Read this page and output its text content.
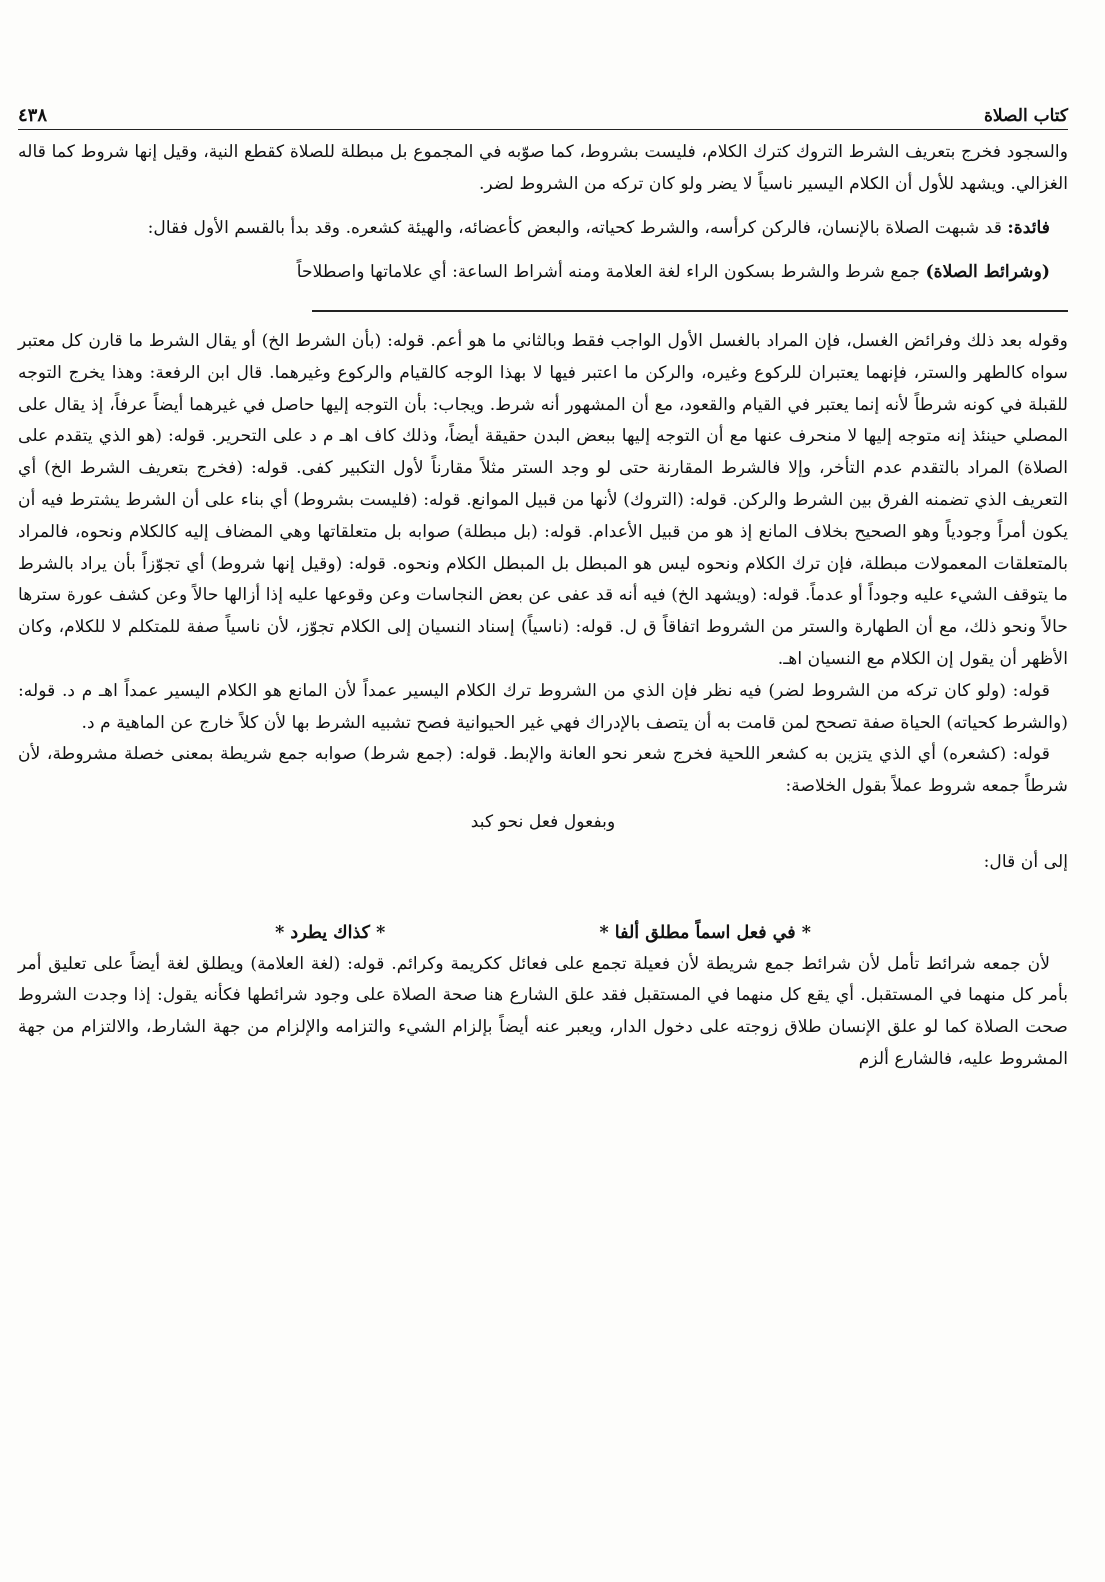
كتاب الصلاة
٤٣٨

والسجود فخرج بتعريف الشرط التروك كترك الكلام، فليست بشروط، كما صوّبه في المجموع بل مبطلة للصلاة كقطع النية، وقيل إنها شروط كما قاله الغزالي. ويشهد للأول أن الكلام اليسير ناسياً لا يضر ولو كان تركه من الشروط لضر.

فائدة: قد شبهت الصلاة بالإنسان، فالركن كرأسه، والشرط كحياته، والبعض كأعضائه، والهيئة كشعره. وقد بدأ بالقسم الأول فقال:

(وشرائط الصلاة) جمع شرط والشرط بسكون الراء لغة العلامة ومنه أشراط الساعة: أي علاماتها واصطلاحاً

وقوله بعد ذلك وفرائض الغسل، فإن المراد بالغسل الأول الواجب فقط وبالثاني ما هو أعم. قوله: (بأن الشرط الخ) أو يقال الشرط ما قارن كل معتبر سواه كالطهر والستر، فإنهما يعتبران للركوع وغيره، والركن ما اعتبر فيها لا بهذا الوجه كالقيام والركوع وغيرهما. قال ابن الرفعة: وهذا يخرج التوجه للقبلة في كونه شرطاً لأنه إنما يعتبر في القيام والقعود، مع أن المشهور أنه شرط. ويجاب: بأن التوجه إليها حاصل في غيرهما أيضاً عرفاً، إذ يقال على المصلي حينئذ إنه متوجه إليها لا منحرف عنها مع أن التوجه إليها ببعض البدن حقيقة أيضاً، وذلك كاف اهـ م د على التحرير. قوله: (هو الذي يتقدم على الصلاة) المراد بالتقدم عدم التأخر، وإلا فالشرط المقارنة حتى لو وجد الستر مثلاً مقارناً لأول التكبير كفى. قوله: (فخرج بتعريف الشرط الخ) أي التعريف الذي تضمنه الفرق بين الشرط والركن. قوله: (التروك) لأنها من قبيل الموانع. قوله: (فليست بشروط) أي بناء على أن الشرط يشترط فيه أن يكون أمراً وجودياً وهو الصحيح بخلاف المانع إذ هو من قبيل الأعدام. قوله: (بل مبطلة) صوابه بل متعلقاتها وهي المضاف إليه كالكلام ونحوه، فالمراد بالمتعلقات المعمولات مبطلة، فإن ترك الكلام ونحوه ليس هو المبطل بل المبطل الكلام ونحوه. قوله: (وقيل إنها شروط) أي تجوّزاً بأن يراد بالشرط ما يتوقف الشيء عليه وجوداً أو عدماً. قوله: (ويشهد الخ) فيه أنه قد عفى عن بعض النجاسات وعن وقوعها عليه إذا أزالها حالاً وعن كشف عورة سترها حالاً ونحو ذلك، مع أن الطهارة والستر من الشروط اتفاقاً ق ل. قوله: (ناسياً) إسناد النسيان إلى الكلام تجوّز، لأن ناسياً صفة للمتكلم لا للكلام، وكان الأظهر أن يقول إن الكلام مع النسيان اهـ.

قوله: (ولو كان تركه من الشروط لضر) فيه نظر فإن الذي من الشروط ترك الكلام اليسير عمداً لأن المانع هو الكلام اليسير عمداً اهـ م د. قوله: (والشرط كحياته) الحياة صفة تصحح لمن قامت به أن يتصف بالإدراك فهي غير الحيوانية فصح تشبيه الشرط بها لأن كلاً خارج عن الماهية م د.

قوله: (كشعره) أي الذي يتزين به كشعر اللحية فخرج شعر نحو العانة والإبط. قوله: (جمع شرط) صوابه جمع شريطة بمعنى خصلة مشروطة، لأن شرطاً جمعه شروط عملاً بقول الخلاصة:

وبفعول فعل نحو كبد

إلى أن قال:

* في فعل اسماً مطلق ألفا *
* كذاك يطرد *

لأن جمعه شرائط تأمل لأن شرائط جمع شريطة لأن فعيلة تجمع على فعائل ككريمة وكرائم. قوله: (لغة العلامة) ويطلق لغة أيضاً على تعليق أمر بأمر كل منهما في المستقبل. أي يقع كل منهما في المستقبل فقد علق الشارع هنا صحة الصلاة على وجود شرائطها فكأنه يقول: إذا وجدت الشروط صحت الصلاة كما لو علق الإنسان طلاق زوجته على دخول الدار، ويعبر عنه أيضاً بإلزام الشيء والتزامه والإلزام من جهة الشارط، والالتزام من جهة المشروط عليه، فالشارع ألزم
